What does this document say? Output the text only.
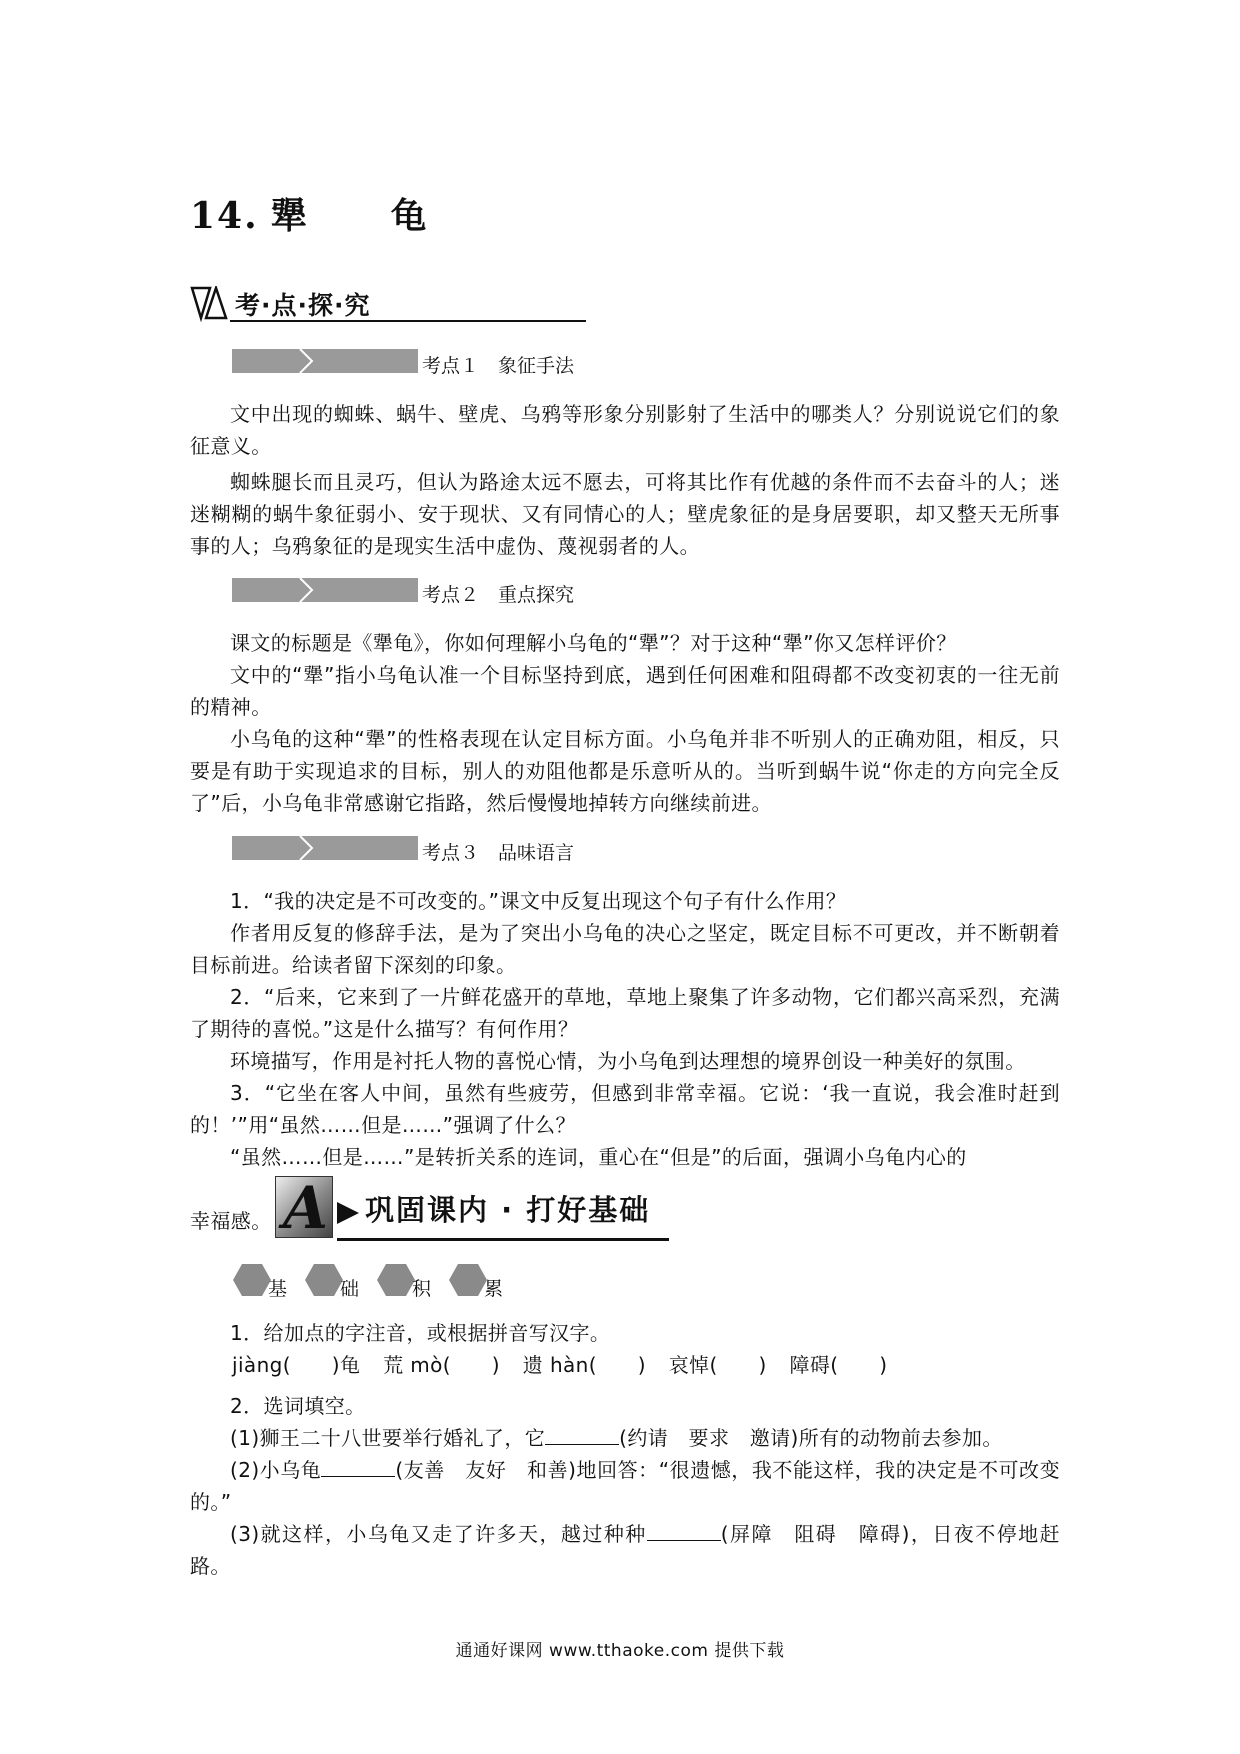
14. 犟　龟
考·点·探·究
考点１　象征手法
文中出现的蜘蛛、蜗牛、壁虎、乌鸦等形象分别影射了生活中的哪类人？分别说说它们的象征意义。
蜘蛛腿长而且灵巧，但认为路途太远不愿去，可将其比作有优越的条件而不去奋斗的人；迷迷糊糊的蜗牛象征弱小、安于现状、又有同情心的人；壁虎象征的是身居要职，却又整天无所事事的人；乌鸦象征的是现实生活中虚伪、蔑视弱者的人。
考点２　重点探究
课文的标题是《犟龟》，你如何理解小乌龟的“犟”？对于这种“犟”你又怎样评价？
文中的“犟”指小乌龟认准一个目标坚持到底，遇到任何困难和阻碍都不改变初衷的一往无前的精神。
小乌龟的这种“犟”的性格表现在认定目标方面。小乌龟并非不听别人的正确劝阻，相反，只要是有助于实现追求的目标，别人的劝阻他都是乐意听从的。当听到蜗牛说“你走的方向完全反了”后，小乌龟非常感谢它指路，然后慢慢地掉转方向继续前进。
考点３　品味语言
1．“我的决定是不可改变的。”课文中反复出现这个句子有什么作用？
作者用反复的修辞手法，是为了突出小乌龟的决心之坚定，既定目标不可更改，并不断朝着目标前进。给读者留下深刻的印象。
2．“后来，它来到了一片鲜花盛开的草地，草地上聚集了许多动物，它们都兴高采烈，充满了期待的喜悦。”这是什么描写？有何作用？
环境描写，作用是衬托人物的喜悦心情，为小乌龟到达理想的境界创设一种美好的氛围。
3．“它坐在客人中间，虽然有些疲劳，但感到非常幸福。它说：‘我一直说，我会准时赶到的！’”用“虽然……但是……”强调了什么？
“虽然……但是……”是转折关系的连词，重心在“但是”的后面，强调小乌龟内心的
幸福感。 A 巩固课内 · 打好基础
基	础	积	累
1．给加点的字注音，或根据拼音写汉字。
jiàng(　　)龟 荒 mò(　　) 遗 hàn(　　) 哀悼(　　) 障碍(　　)
2．选词填空。
(1)狮王二十八世要举行婚礼了，它	(约请　要求　邀请)所有的动物前去参加。
(2)小乌龟	(友善　友好　和善)地回答：“很遗憾，我不能这样，我的决定是不可改变的。”
(3)就这样，小乌龟又走了许多天，越过种种	(屏障　阻碍　障碍)，日夜不停地赶路。
通通好课网 www.tthaoke.com 提供下载
